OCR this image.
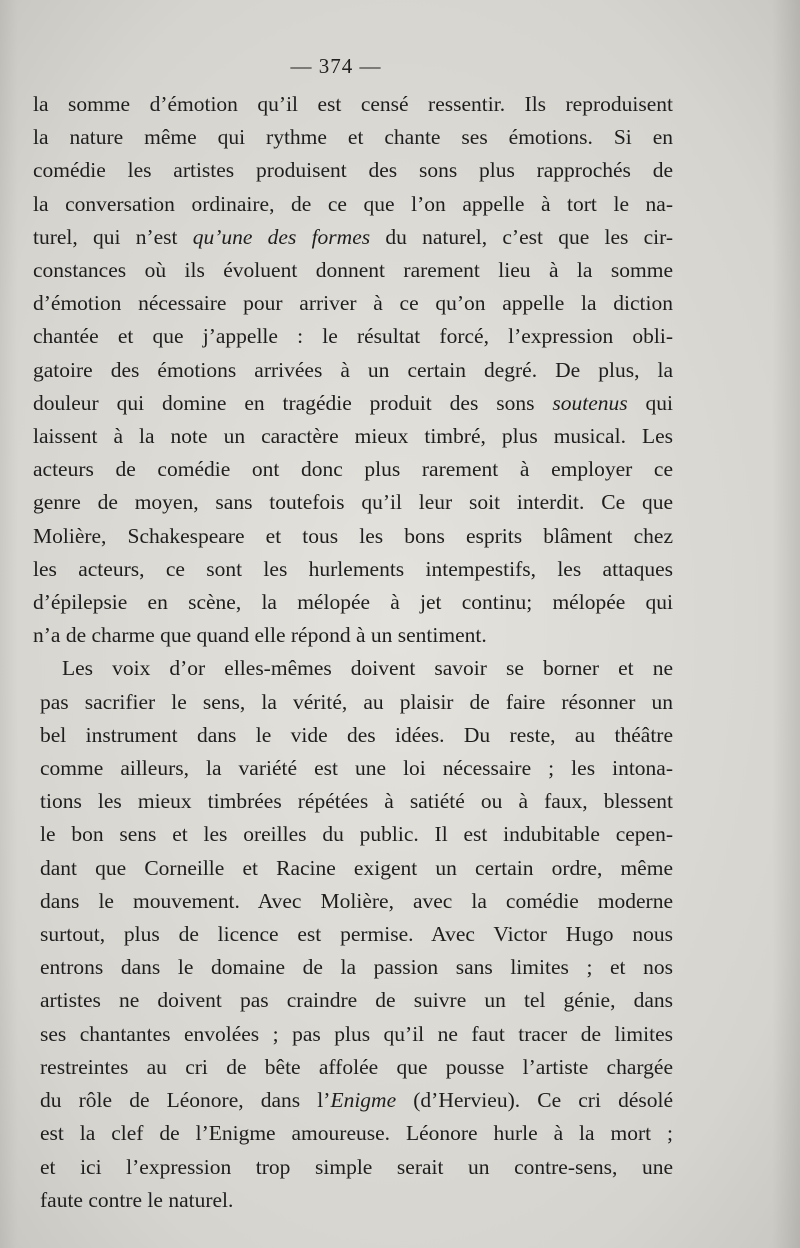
— 374 —
la somme d’émotion qu’il est censé ressentir. Ils reproduisent
la nature même qui rythme et chante ses émotions. Si en
comédie les artistes produisent des sons plus rapprochés de
la conversation ordinaire, de ce que l’on appelle à tort le na-
turel, qui n’est qu’une des formes du naturel, c’est que les cir-
constances où ils évoluent donnent rarement lieu à la somme
d’émotion nécessaire pour arriver à ce qu’on appelle la diction
chantée et que j’appelle : le résultat forcé, l’expression obli-
gatoire des émotions arrivées à un certain degré. De plus, la
douleur qui domine en tragédie produit des sons soutenus qui
laissent à la note un caractère mieux timbré, plus musical. Les
acteurs de comédie ont donc plus rarement à employer ce
genre de moyen, sans toutefois qu’il leur soit interdit. Ce que
Molière, Schakespeare et tous les bons esprits blâment chez
les acteurs, ce sont les hurlements intempestifs, les attaques
d’épilepsie en scène, la mélopée à jet continu; mélopée qui
n’a de charme que quand elle répond à un sentiment.
Les voix d’or elles-mêmes doivent savoir se borner et ne
pas sacrifier le sens, la vérité, au plaisir de faire résonner un
bel instrument dans le vide des idées. Du reste, au théâtre
comme ailleurs, la variété est une loi nécessaire ; les intona-
tions les mieux timbrées répétées à satiété ou à faux, blessent
le bon sens et les oreilles du public. Il est indubitable cepen-
dant que Corneille et Racine exigent un certain ordre, même
dans le mouvement. Avec Molière, avec la comédie moderne
surtout, plus de licence est permise. Avec Victor Hugo nous
entrons dans le domaine de la passion sans limites ; et nos
artistes ne doivent pas craindre de suivre un tel génie, dans
ses chantantes envolées ; pas plus qu’il ne faut tracer de limites
restreintes au cri de bête affolée que pousse l’artiste chargée
du rôle de Léonore, dans l’Enigme (d’Hervieu). Ce cri désolé
est la clef de l’Enigme amoureuse. Léonore hurle à la mort ;
et ici l’expression trop simple serait un contre-sens, une
faute contre le naturel.
